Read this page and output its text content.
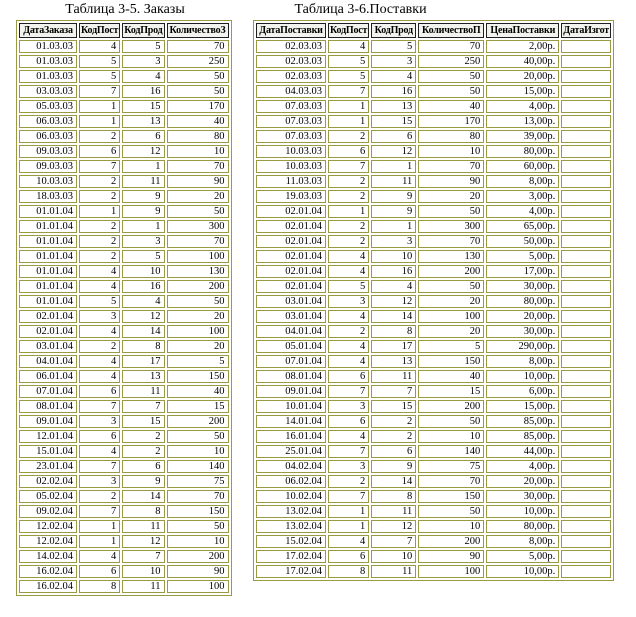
Таблица 3-5. Заказы
ДатаЗаказа	КодПост	КодПрод	КоличествоЗ
01.03.03	4	5	70
01.03.03	5	3	250
01.03.03	5	4	50
03.03.03	7	16	50
05.03.03	1	15	170
06.03.03	1	13	40
06.03.03	2	6	80
09.03.03	6	12	10
09.03.03	7	1	70
10.03.03	2	11	90
18.03.03	2	9	20
01.01.04	1	9	50
01.01.04	2	1	300
01.01.04	2	3	70
01.01.04	2	5	100
01.01.04	4	10	130
01.01.04	4	16	200
01.01.04	5	4	50
02.01.04	3	12	20
02.01.04	4	14	100
03.01.04	2	8	20
04.01.04	4	17	5
06.01.04	4	13	150
07.01.04	6	11	40
08.01.04	7	7	15
09.01.04	3	15	200
12.01.04	6	2	50
15.01.04	4	2	10
23.01.04	7	6	140
02.02.04	3	9	75
05.02.04	2	14	70
09.02.04	7	8	150
12.02.04	1	11	50
12.02.04	1	12	10
14.02.04	4	7	200
16.02.04	6	10	90
16.02.04	8	11	100
Таблица 3-6.Поставки
ДатаПоставки	КодПост	КодПрод	КоличествоП	ЦенаПоставки	ДатаИзгот
02.03.03	4	5	70	2,00р.	
02.03.03	5	3	250	40,00р.	
02.03.03	5	4	50	20,00р.	
04.03.03	7	16	50	15,00р.	
07.03.03	1	13	40	4,00р.	
07.03.03	1	15	170	13,00р.	
07.03.03	2	6	80	39,00р.	
10.03.03	6	12	10	80,00р.	
10.03.03	7	1	70	60,00р.	
11.03.03	2	11	90	8,00р.	
19.03.03	2	9	20	3,00р.	
02.01.04	1	9	50	4,00р.	
02.01.04	2	1	300	65,00р.	
02.01.04	2	3	70	50,00р.	
02.01.04	4	10	130	5,00р.	
02.01.04	4	16	200	17,00р.	
02.01.04	5	4	50	30,00р.	
03.01.04	3	12	20	80,00р.	
03.01.04	4	14	100	20,00р.	
04.01.04	2	8	20	30,00р.	
05.01.04	4	17	5	290,00р.	
07.01.04	4	13	150	8,00р.	
08.01.04	6	11	40	10,00р.	
09.01.04	7	7	15	6,00р.	
10.01.04	3	15	200	15,00р.	
14.01.04	6	2	50	85,00р.	
16.01.04	4	2	10	85,00р.	
25.01.04	7	6	140	44,00р.	
04.02.04	3	9	75	4,00р.	
06.02.04	2	14	70	20,00р.	
10.02.04	7	8	150	30,00р.	
13.02.04	1	11	50	10,00р.	
13.02.04	1	12	10	80,00р.	
15.02.04	4	7	200	8,00р.	
17.02.04	6	10	90	5,00р.	
17.02.04	8	11	100	10,00р.	
